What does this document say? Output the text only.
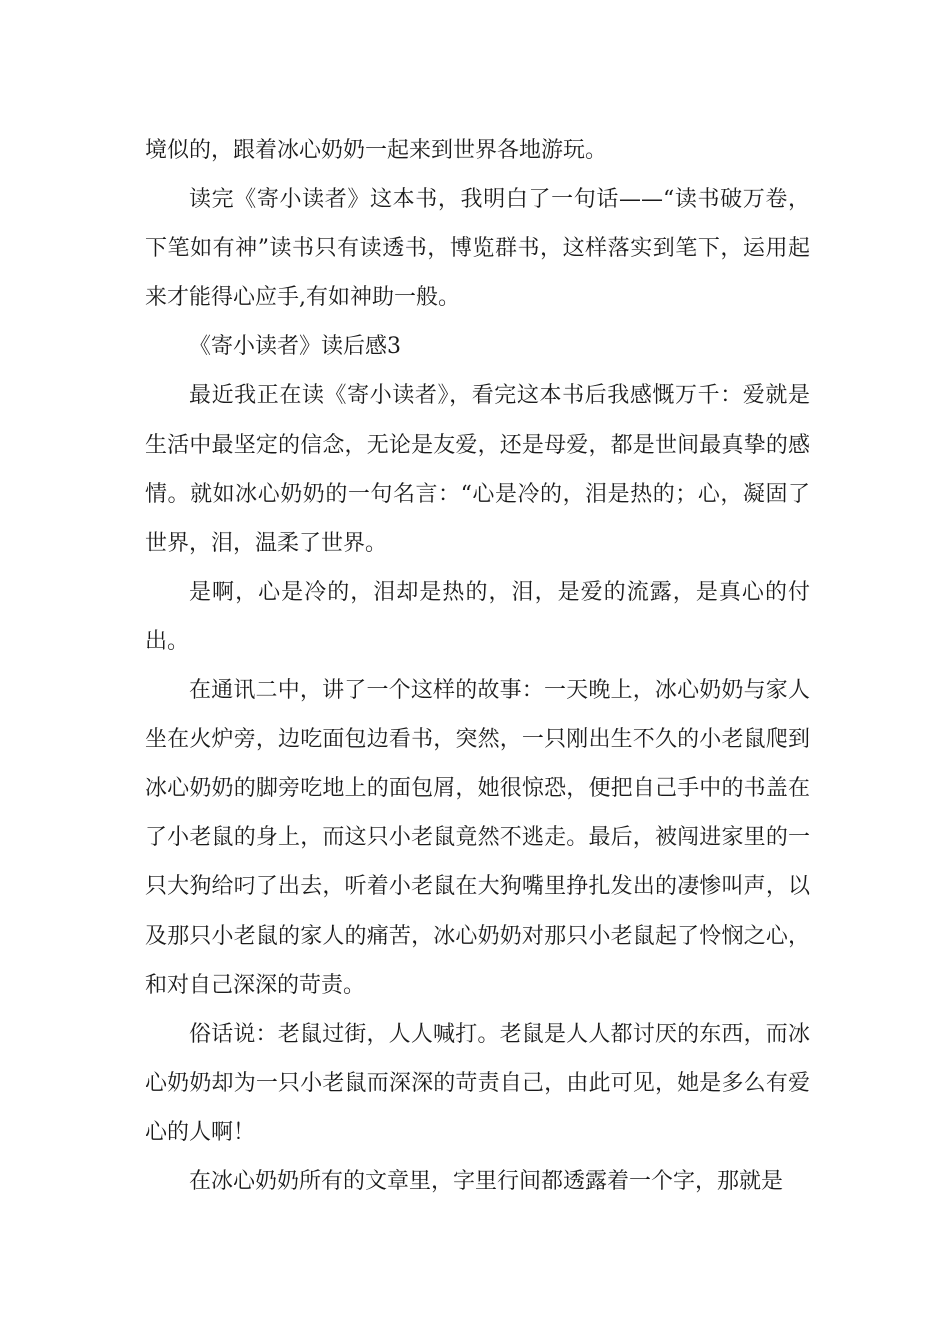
境似的，跟着冰心奶奶一起来到世界各地游玩。

读完《寄小读者》这本书，我明白了一句话——“读书破万卷，下笔如有神”读书只有读透书，博览群书，这样落实到笔下，运用起来才能得心应手,有如神助一般。

《寄小读者》读后感3

最近我正在读《寄小读者》，看完这本书后我感慨万千：爱就是生活中最坚定的信念，无论是友爱，还是母爱，都是世间最真挚的感情。就如冰心奶奶的一句名言：“心是冷的，泪是热的；心，凝固了世界，泪，温柔了世界。

是啊，心是冷的，泪却是热的，泪，是爱的流露，是真心的付出。

在通讯二中，讲了一个这样的故事：一天晚上，冰心奶奶与家人坐在火炉旁，边吃面包边看书，突然，一只刚出生不久的小老鼠爬到冰心奶奶的脚旁吃地上的面包屑，她很惊恐，便把自己手中的书盖在了小老鼠的身上，而这只小老鼠竟然不逃走。最后，被闯进家里的一只大狗给叼了出去，听着小老鼠在大狗嘴里挣扎发出的凄惨叫声，以及那只小老鼠的家人的痛苦，冰心奶奶对那只小老鼠起了怜悯之心，和对自己深深的苛责。

俗话说：老鼠过街，人人喊打。老鼠是人人都讨厌的东西，而冰心奶奶却为一只小老鼠而深深的苛责自己，由此可见，她是多么有爱心的人啊！

在冰心奶奶所有的文章里，字里行间都透露着一个字，那就是
